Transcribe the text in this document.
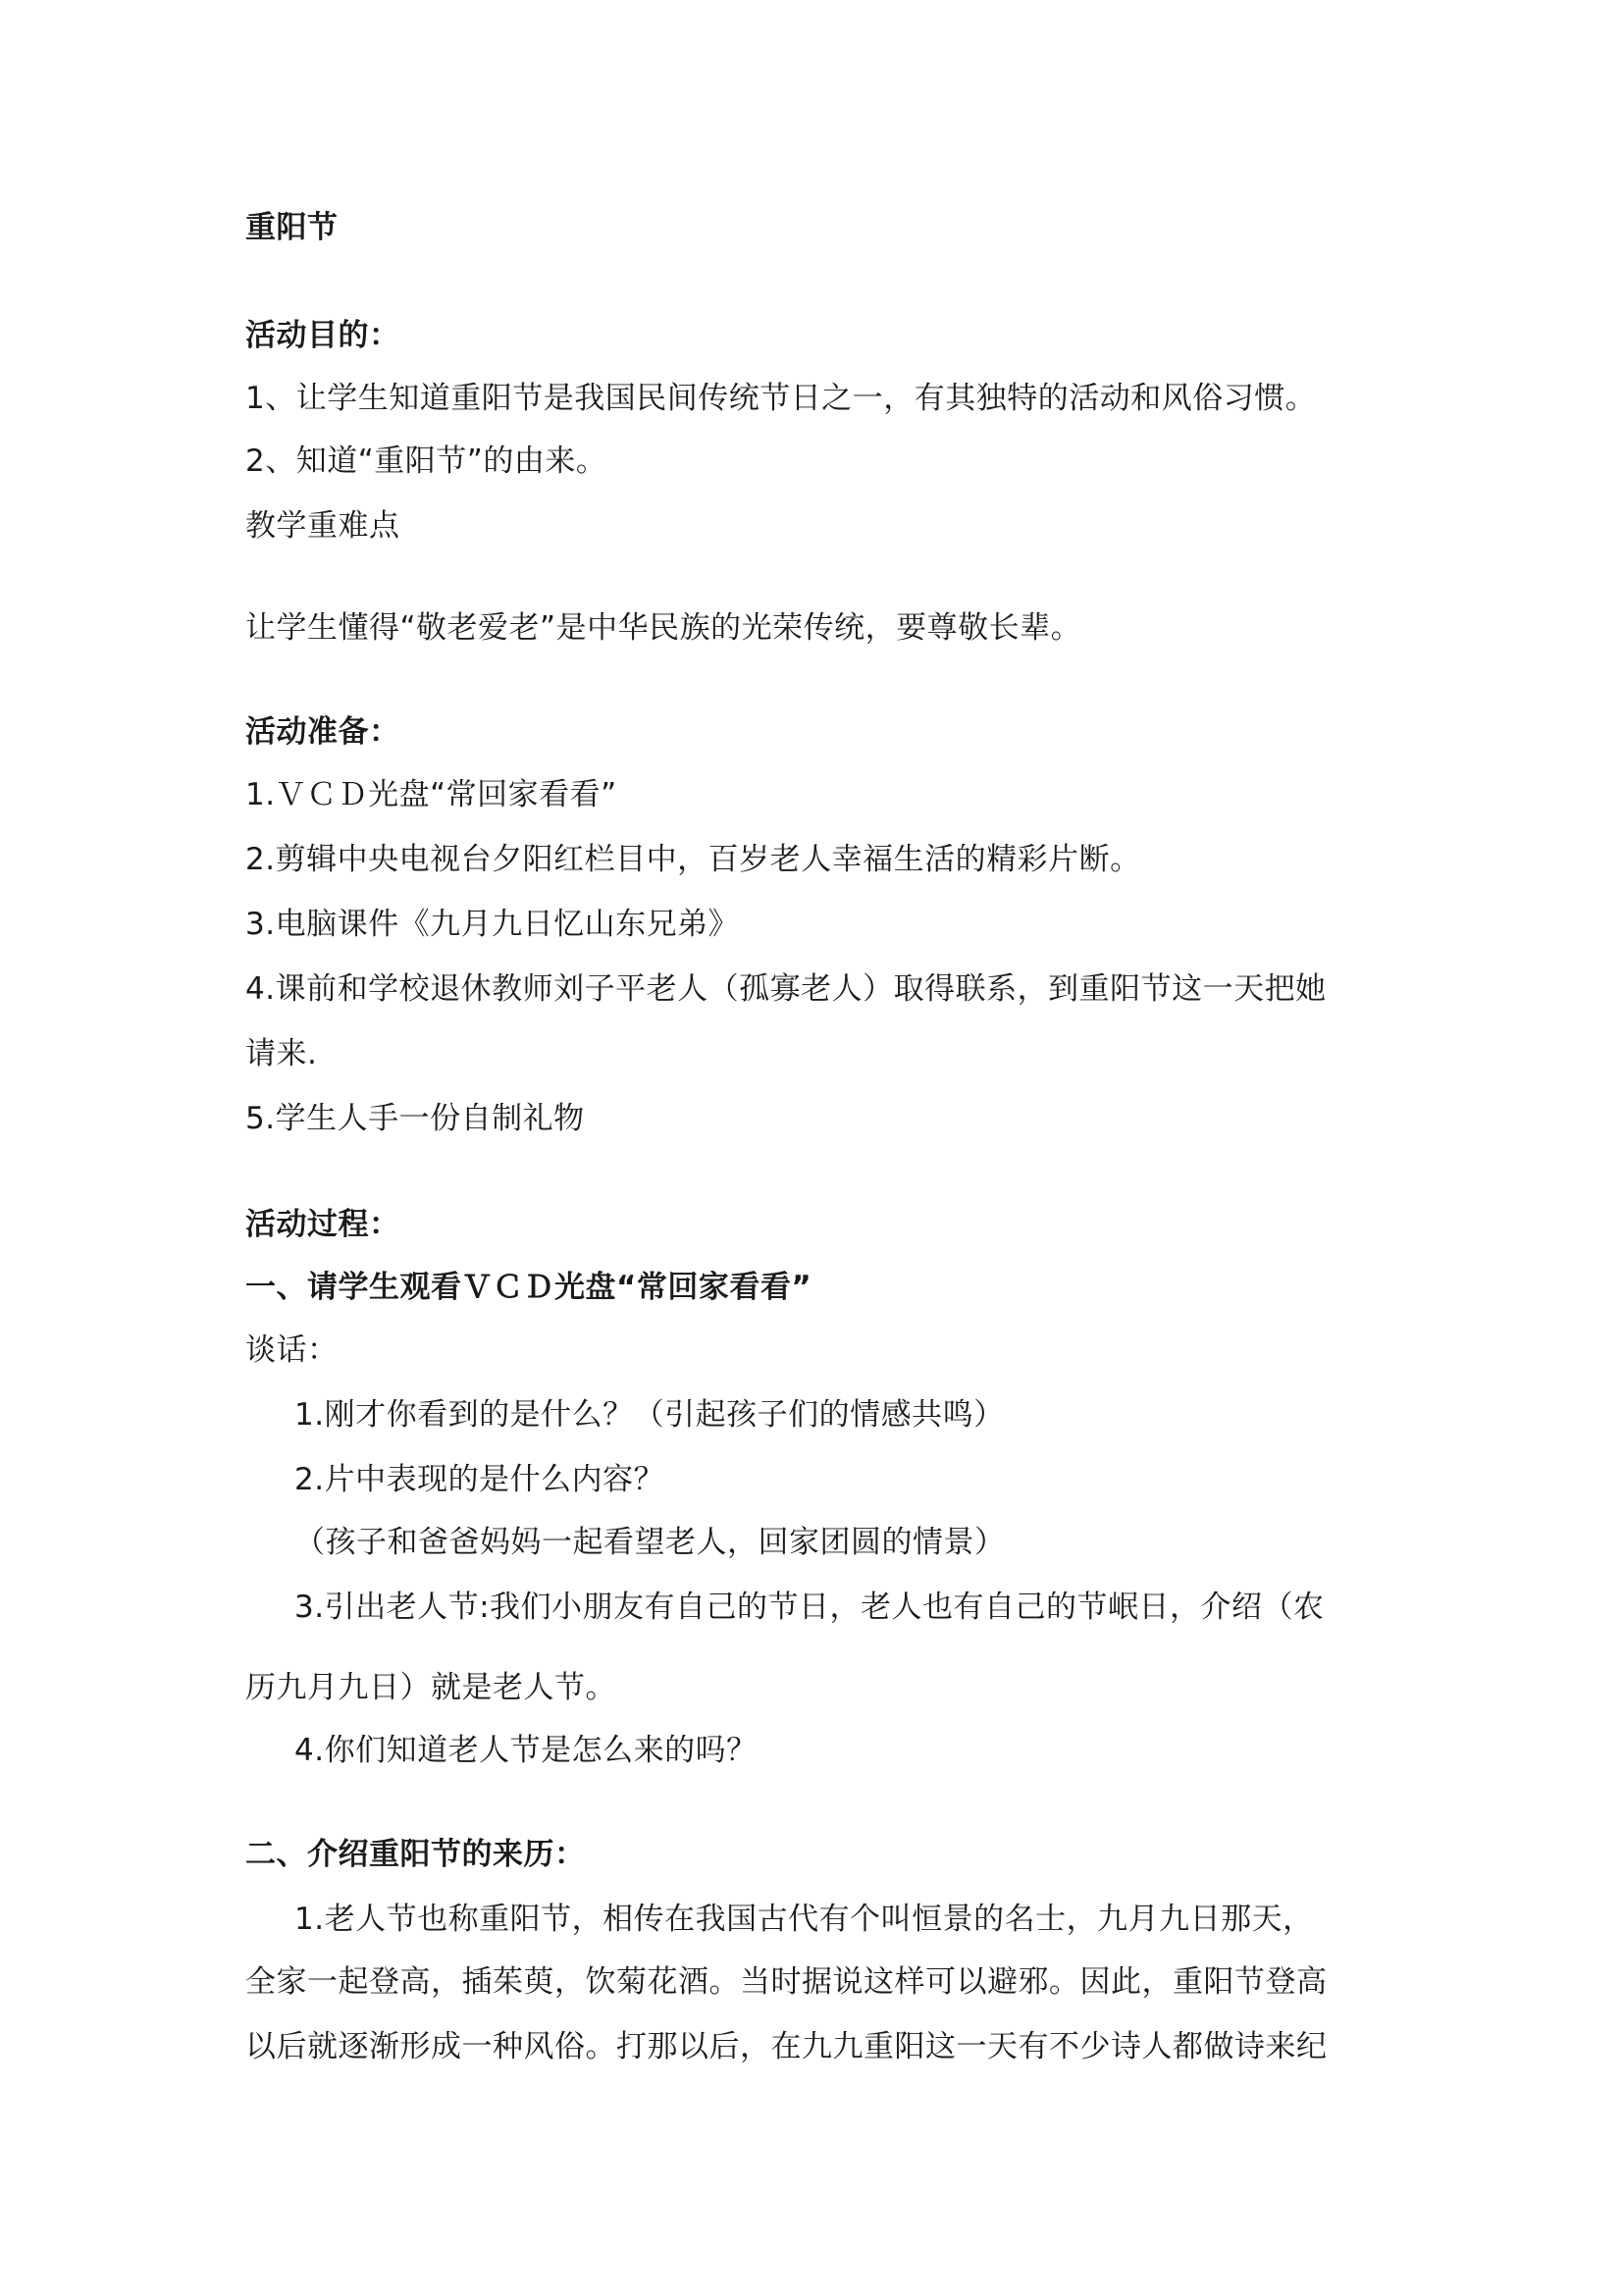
重阳节
活动目的：
1、让学生知道重阳节是我国民间传统节日之一，有其独特的活动和风俗习惯。
2、知道“重阳节”的由来。
教学重难点
让学生懂得“敬老爱老”是中华民族的光荣传统，要尊敬长辈。
活动准备：
1.ＶＣＤ光盘“常回家看看”
2.剪辑中央电视台夕阳红栏目中，百岁老人幸福生活的精彩片断。
3.电脑课件《九月九日忆山东兄弟》
4.课前和学校退休教师刘子平老人（孤寡老人）取得联系，到重阳节这一天把她
请来.
5.学生人手一份自制礼物
活动过程：
一、请学生观看ＶＣＤ光盘“常回家看看”
谈话：
1.刚才你看到的是什么？（引起孩子们的情感共鸣）
2.片中表现的是什么内容？
（孩子和爸爸妈妈一起看望老人，回家团圆的情景）
3.引出老人节:我们小朋友有自己的节日，老人也有自己的节岷日，介绍（农
历九月九日）就是老人节。
4.你们知道老人节是怎么来的吗？
二、介绍重阳节的来历：
1.老人节也称重阳节，相传在我国古代有个叫恒景的名士，九月九日那天，
全家一起登高，插茱萸，饮菊花酒。当时据说这样可以避邪。因此，重阳节登高
以后就逐渐形成一种风俗。打那以后，在九九重阳这一天有不少诗人都做诗来纪
